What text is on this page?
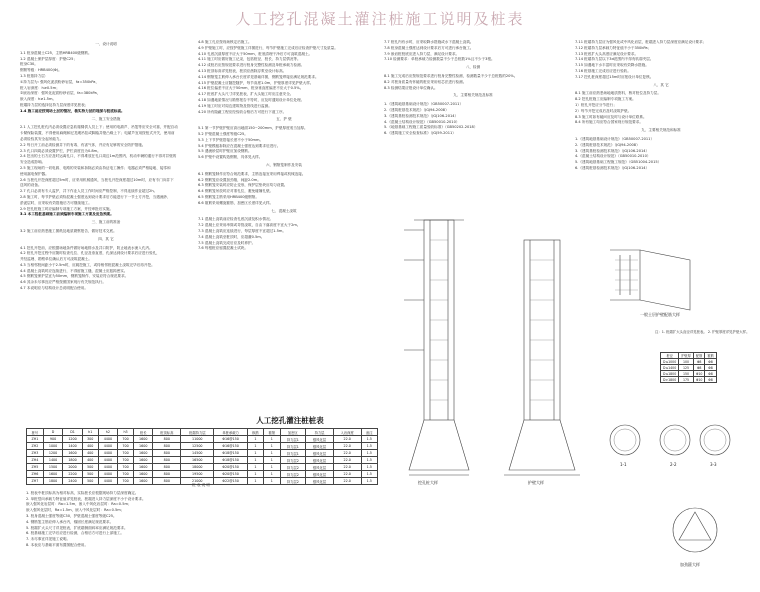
人工挖孔混凝土灌注桩施工说明及桩表
一、设计说明
1.1 桩身混凝土C25，主筋HRB400级钢筋。
1.2 混凝土保护层厚度：护壁C25；
桩身C30。
钢筋等级：HRB400(Φ)。
1.3 桩基持力层：
①持力层为: 强风化泥质粉砂岩层，fa=350kPa，
桩入岩深度：h≥0.5m；
②嵌岩深度：强风化泥质粉砂岩层，fa=380kPa，
嵌入深度：h≥1.5m。
桩端持力层的选择及持力层深度详见桩表；
1.4 施工前应按现场土层的情况，核实持力层的埋深与桩底标高。
二、施工安全措施
2.1 人工挖孔桩孔内必须设置应急软爬梯供人员上下；使用的电葫芦、吊笼等应安全可靠，并配自动
卡紧保险装置，不得使用麻绳和尼龙绳吊挂或脚踏井壁凸缘上下；电葫芦宜用按钮式开关，使用前
必须检验其安全起吊能力。
2.2 每日开工前必须检测井下的有毒、有害气体，并应有足够的安全防护措施。
2.3 孔口四周必须设置护栏，护栏高度宜为0.8m。
2.4 挖出的土石方应及时运离孔口，不得堆放在孔口周边1m范围内，机动车辆的通行不得对井壁的
安全造成影响。
2.5 施工现场的一切电源、电路的安装和拆除必须由持证电工操作；电器必须严格接地、接零和
使用漏电保护器。
2.6 当桩孔开挖深度超过5m时，应采用机械通风，当桩孔开挖深度超过10m时，应有专门向井下
送风的设备。
2.7 孔口必须有专人监护，井下作业人员工作时间应严格控制，不得连续作业超过2h。
2.8 施工时，每节护壁必须待混凝土强度达到设计要求后方能进行下一节土方开挖，当遇流砂、
淤泥层时，应采取有效措施后方可继续施工。
2.9 挖孔桩施工时应编制专项施工方案，并经审批后实施。
3.1 本工程桩基础施工前须编制专项施工方案及应急预案。
三、施工前的准备
3.2 施工前应熟悉施工图纸及地质勘察报告，做好技术交底。
四、其 它
4.1 挖孔开挖前，应根据场地条件做好场地排水及井口防护，防止地表水流入孔内。
4.2 桩孔开挖过程中应随时检查孔位、孔径及垂直度，孔深达到设计要求后应进行验孔，
并经监理、勘察单位确认后方可浇筑混凝土。
4.3 当相邻桩间距小于2.5m时，应跳挖施工，或待相邻桩混凝土浇筑完毕后再开挖。
4.4 混凝土浇筑时应连续进行，不得留施工缝，混凝土应振捣密实。
4.5 钢筋笼保护层宜为50mm，钢筋笼制作、安装应符合规范要求。
4.6 其余未尽事宜应严格按照国家现行有关规范执行。
4.7 本说明应与结构设计总说明配合使用。
4.8 施工孔应按现场核定后施工。
4.9 护壁施工时，应按护壁施工详图进行，每节护壁施工完成后应检查护壁尺寸及质量。
4.10 孔底沉渣厚度不应大于50mm，桩底清理干净后方可浇筑混凝土。
4.11 施工时应做好施工记录，包括桩径、桩长、持力层情况等。
4.12 成桩后应按规范要求进行桩身完整性检测及单桩承载力检测。
4.13 桩顶标高详见桩表，桩顶应凿除浮浆至设计标高。
4.14 钢筋笼主筋伸入承台长度详见基础详图，钢筋笼焊接应满足规范要求。
4.15 护壁混凝土应随挖随护，每节高度1.0m，护壁厚度详见护壁大样。
4.16 桩位偏差不应大于50mm，桩身垂直度偏差不应大于0.5%。
4.17 桩底扩大头尺寸详见桩表，扩大头施工时应注意安全。
4.18 如遇地质情况与勘察报告不符时，应及时通知设计单位处理。
4.19 施工时应对周边建筑物及管线进行监测。
4.20 所有隐蔽工程应经验收合格后方可进行下道工序。
五、护 壁
5.1 第一节护壁护壁应高出地面150~200mm，护壁厚度适当加厚。
5.2 护壁混凝土强度等级C25。
5.3 上下节护壁搭接长度不小于50mm。
5.4 护壁模板拆除应在混凝土强度达到要求后进行。
5.5 遇流砂层时护壁应加设钢筋。
5.6 护壁中设置构造钢筋，具体见大样。
六、钢筋笼制作及安装
6.1 钢筋笼制作应符合规范要求，主筋连接宜采用焊接或机械连接。
6.2 钢筋笼应设置加劲箍，间距2.0m。
6.3 钢筋笼安装时应防止变形，保护层垫块应均匀设置。
6.4 钢筋笼吊放时应对准孔位，避免碰撞孔壁。
6.5 钢筋笼主筋采用HRB400级钢筋。
6.6 箍筋采用螺旋箍筋，加密区长度详见大样。
七、混凝土浇筑
7.1 混凝土浇筑前应检查孔底沉渣及积水情况。
7.2 混凝土应采用串筒或导管浇筑，自由下落高度不宜大于2m。
7.3 混凝土浇筑应连续进行，每层厚度不宜超过1.5m。
7.4 混凝土浇筑至桩顶时，应超灌0.5m。
7.5 混凝土浇筑完成后应及时养护。
7.6 每根桩应留置混凝土试块。
7.7 桩孔内有水时，应采取降水措施或水下混凝土浇筑。
7.8 桩身混凝土强度达到设计要求后方可进行承台施工。
7.9 嵌岩桩桩底应进入持力层，满足设计要求。
7.10 检测要求：单桩承载力检测数量不少于总桩数1%且不少于3根。
八、检测
8.1 施工完成后应按规范要求进行桩身完整性检测，检测数量不少于总桩数的20%。
8.2 对桩身质量有怀疑的桩应采用钻芯法进行检测。
8.3 检测结果应报设计单位确认。
九、主要相关规范及标准
1.《建筑地基基础设计规范》（GB50007-2011）
2.《建筑桩基技术规范》（JGJ94-2008）
3.《建筑基桩检测技术规范》（JGJ106-2014）
4.《混凝土结构设计规范》（GB50010-2010）
5.《地基基础工程施工质量验收标准》（GB50202-2018）
6.《建筑施工安全检查标准》（JGJ59-2011）
7.11 桩端持力层应为强风化或中风化岩层，桩端进入持力层深度应满足设计要求；
7.12 桩端持力层承载力特征值不小于350kPa；
7.13 桩底扩大头高度应满足设计要求。
7.14 桩端持力层以下3d范围内不得有软弱夹层。
7.15 如遇地下水丰富时应采取有效降水措施。
7.16 桩基施工完成后应进行验收。
7.17 挖孔桩深度超过15m时应报设计单位复核。
八、其 它
8.1 施工前应熟悉场地地质资料，核对桩位及持力层。
8.2 挖孔桩施工应编制专项施工方案。
1）桩孔开挖应分节进行；
2）每节开挖完成后及时浇筑护壁。
8.3 施工时如有疑问应及时与设计单位联系。
8.4 所有施工均应符合国家现行规范要求。
九、主要相关规范和标准
1.《建筑地基基础设计规范》（GB50007-2011）
2.《建筑桩基技术规范》（JGJ94-2008）
3.《建筑基桩检测技术规范》（JGJ106-2014）
4.《混凝土结构设计规范》（GB50010-2010）
5.《建筑地基基础工程施工规范》（GB51004-2015）
6.《建筑桩基检测技术规范》（JGJ106-2014）
挖孔桩大样	护壁大样
一般土层护壁配筋大样
注：1. 桩端扩大头直径详见桩表。 2. 护壁厚度详见护壁大样。
桩径	护壁厚	配筋	箍筋
D≤1000	100	Φ8	Φ8
D≤1400	125	Φ8	Φ8
D≤1800	150	Φ10	Φ8
D>1800	175	Φ10	Φ8
1-1	2-2	3-3
加劲箍大样
人工挖孔灌注桩桩表
桩号	D	D1	h1	h2	h3	桩长	桩顶标高	桩端持力层	单桩承载力	纵筋	箍筋	加密区	持力层	入岩深度	备注
ZH1	900	1200	300	4400	700	1600	800	11000	Φ16@150	1	1	持力层1	强风化层	22.0	1.5
ZH2	1000	1400	400	4400	700	1600	800	12500	Φ16@150	1	1	持力层1	强风化层	22.0	1.5
ZH3	1200	1600	400	4400	700	1600	800	14500	Φ18@150	1	1	持力层1	强风化层	22.0	1.5
ZH4	1400	1800	400	4400	700	1600	800	16500	Φ18@150	1	1	持力层2	强风化层	22.0	1.5
ZH5	1500	2000	500	4400	700	1600	800	18000	Φ20@150	1	1	持力层2	强风化层	22.0	1.5
ZH6	1600	2200	500	4400	700	1600	800	19500	Φ20@150	1	1	持力层2	强风化层	22.0	1.5
ZH7	1800	2400	500	4400	700	1600	800	21000	Φ22@150	1	1	持力层2	强风化层	22.0	1.5
桩 表 说 明
1. 桩表中桩顶标高为相对标高，实际桩长应根据现场持力层深度确定。
2. 单桩竖向承载力特征值详见桩表，桩端进入持力层深度不小于设计要求。
嵌入强风化岩层时：Ra=1.5m，嵌入中风化岩层时：Ra=0.5m；
嵌入强风化层时，Ra=1.5m，嵌入中风化层时：Ra=0.5m；
3. 桩身混凝土强度等级C30，护壁混凝土强度等级C25。
4. 钢筋笼主筋应伸入承台内，锚固长度满足规范要求。
5. 桩端扩大头尺寸详见桩表，扩底端侧面斜率应满足规范要求。
6. 桩基础施工完毕后应进行检测，合格后方可进行上部施工。
7. 未尽事宜详见施工说明。
8. 本表应与基础平面布置图配合使用。
